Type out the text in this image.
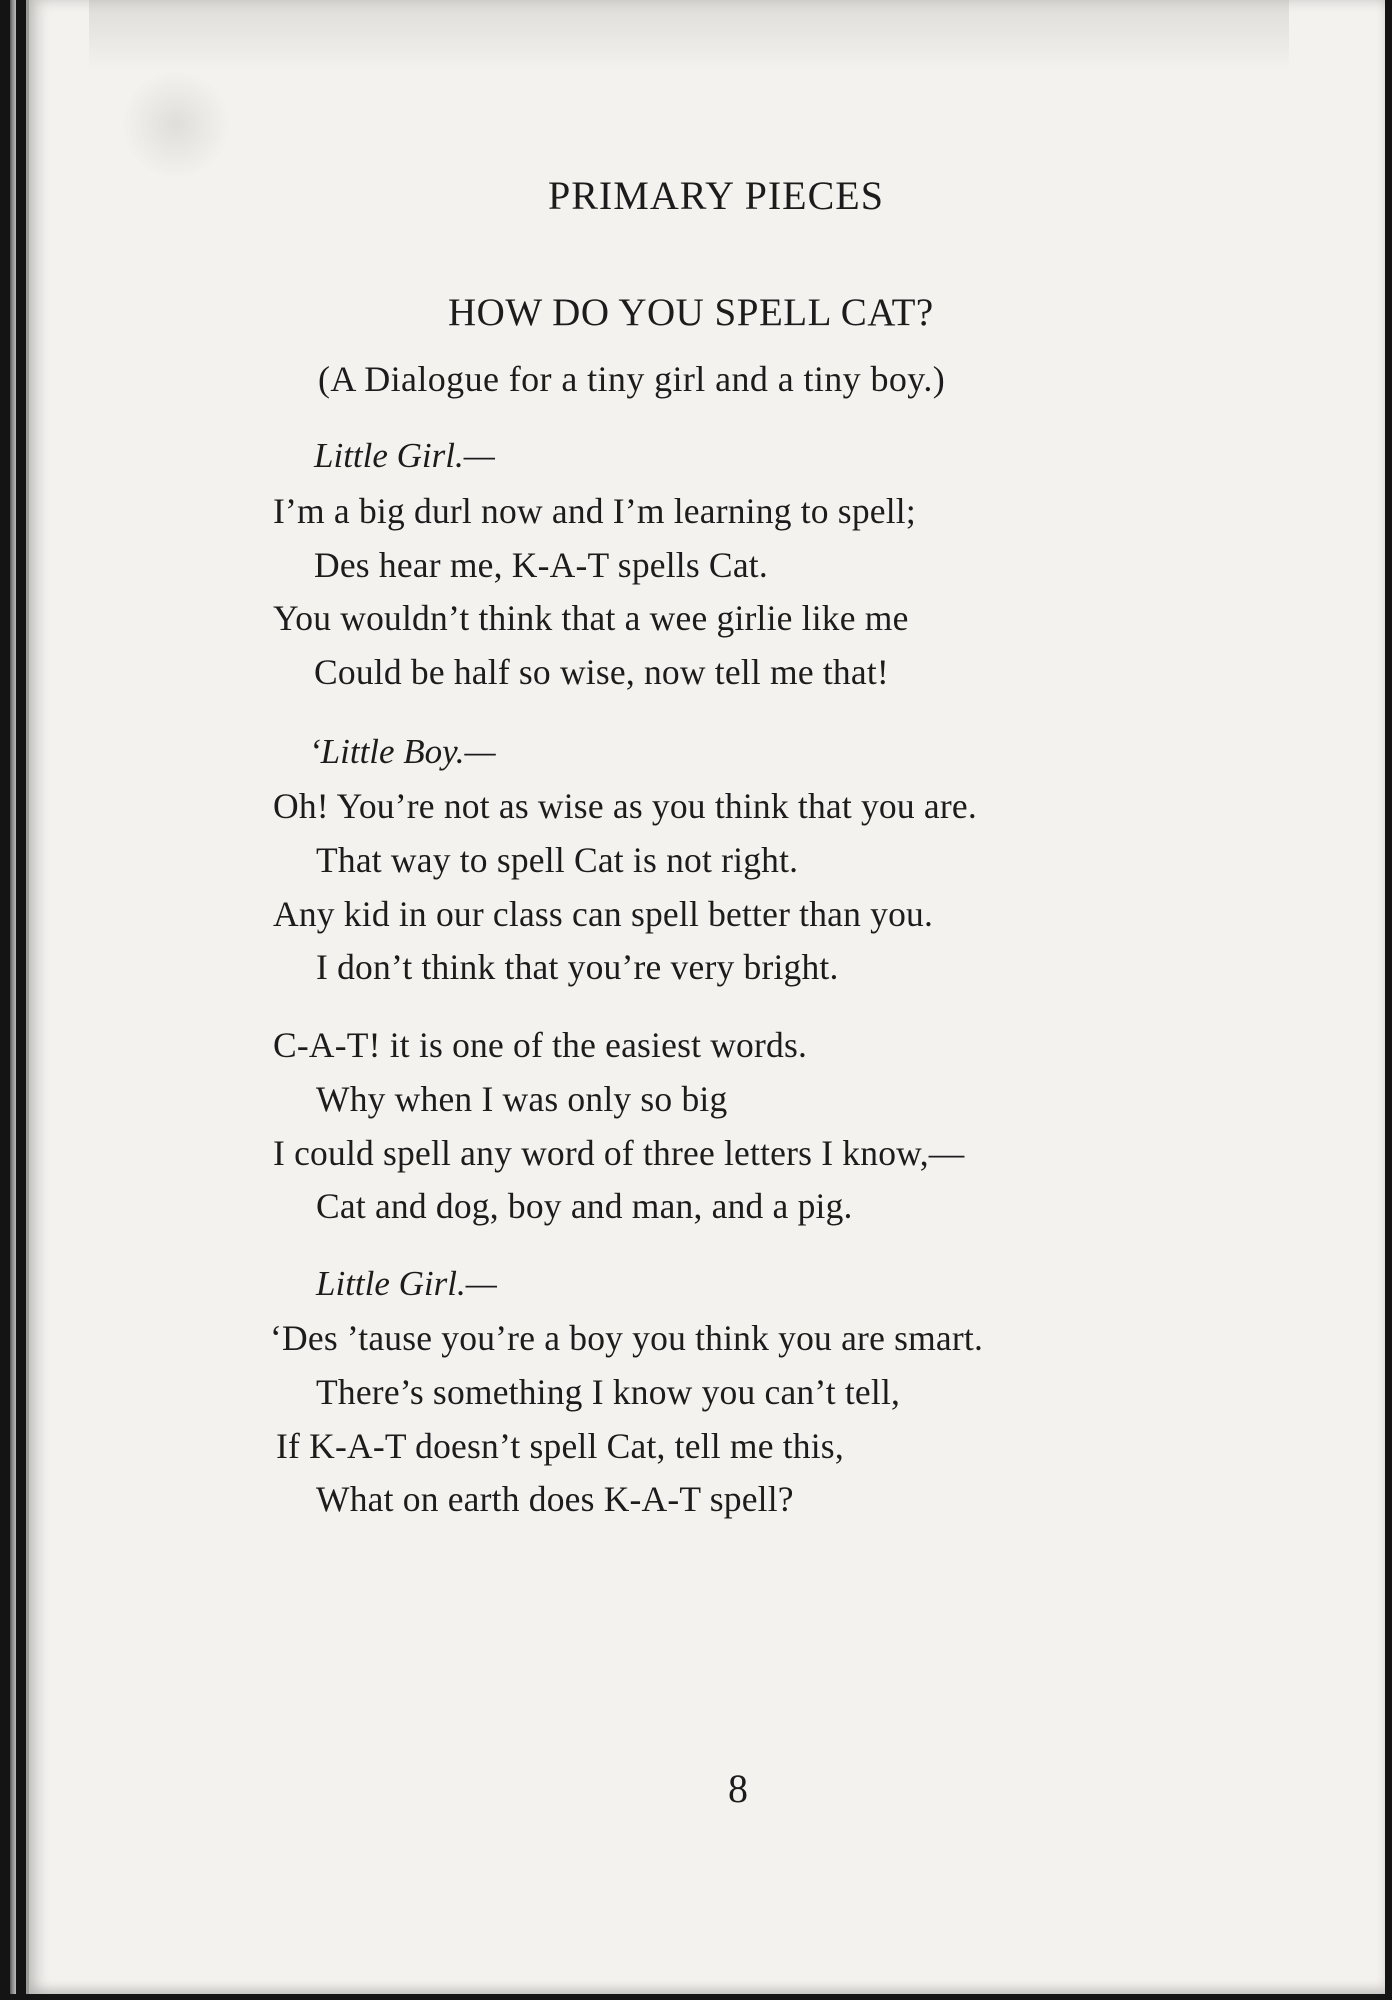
PRIMARY PIECES
HOW DO YOU SPELL CAT?
(A Dialogue for a tiny girl and a tiny boy.)
Little Girl.—
I’m a big durl now and I’m learning to spell;
Des hear me, K-A-T spells Cat.
You wouldn’t think that a wee girlie like me
Could be half so wise, now tell me that!
ʻLittle Boy.—
Oh! You’re not as wise as you think that you are.
That way to spell Cat is not right.
Any kid in our class can spell better than you.
I don’t think that you’re very bright.
C-A-T! it is one of the easiest words.
Why when I was only so big
I could spell any word of three letters I know,—
Cat and dog, boy and man, and a pig.
Little Girl.—
ʻDes ’tause you’re a boy you think you are smart.
There’s something I know you can’t tell,
If K-A-T doesn’t spell Cat, tell me this,
What on earth does K-A-T spell?
8
